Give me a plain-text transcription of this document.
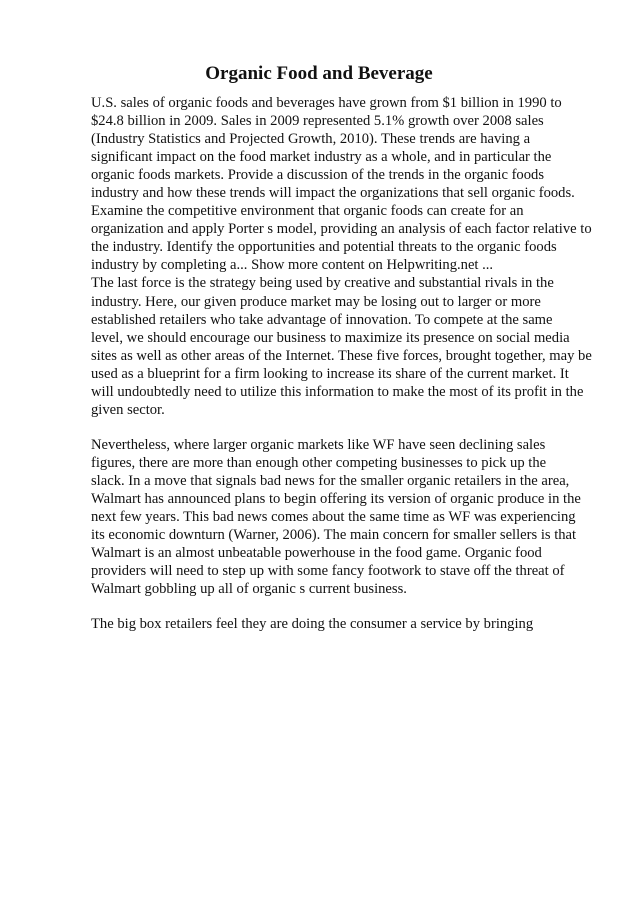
Organic Food and Beverage
U.S. sales of organic foods and beverages have grown from $1 billion in 1990 to
$24.8 billion in 2009. Sales in 2009 represented 5.1% growth over 2008 sales
(Industry Statistics and Projected Growth, 2010). These trends are having a
significant impact on the food market industry as a whole, and in particular the
organic foods markets. Provide a discussion of the trends in the organic foods
industry and how these trends will impact the organizations that sell organic foods.
Examine the competitive environment that organic foods can create for an
organization and apply Porter s model, providing an analysis of each factor relative to
the industry. Identify the opportunities and potential threats to the organic foods
industry by completing a... Show more content on Helpwriting.net ...
The last force is the strategy being used by creative and substantial rivals in the
industry. Here, our given produce market may be losing out to larger or more
established retailers who take advantage of innovation. To compete at the same
level, we should encourage our business to maximize its presence on social media
sites as well as other areas of the Internet. These five forces, brought together, may be
used as a blueprint for a firm looking to increase its share of the current market. It
will undoubtedly need to utilize this information to make the most of its profit in the
given sector.
Nevertheless, where larger organic markets like WF have seen declining sales
figures, there are more than enough other competing businesses to pick up the
slack. In a move that signals bad news for the smaller organic retailers in the area,
Walmart has announced plans to begin offering its version of organic produce in the
next few years. This bad news comes about the same time as WF was experiencing
its economic downturn (Warner, 2006). The main concern for smaller sellers is that
Walmart is an almost unbeatable powerhouse in the food game. Organic food
providers will need to step up with some fancy footwork to stave off the threat of
Walmart gobbling up all of organic s current business.
The big box retailers feel they are doing the consumer a service by bringing
